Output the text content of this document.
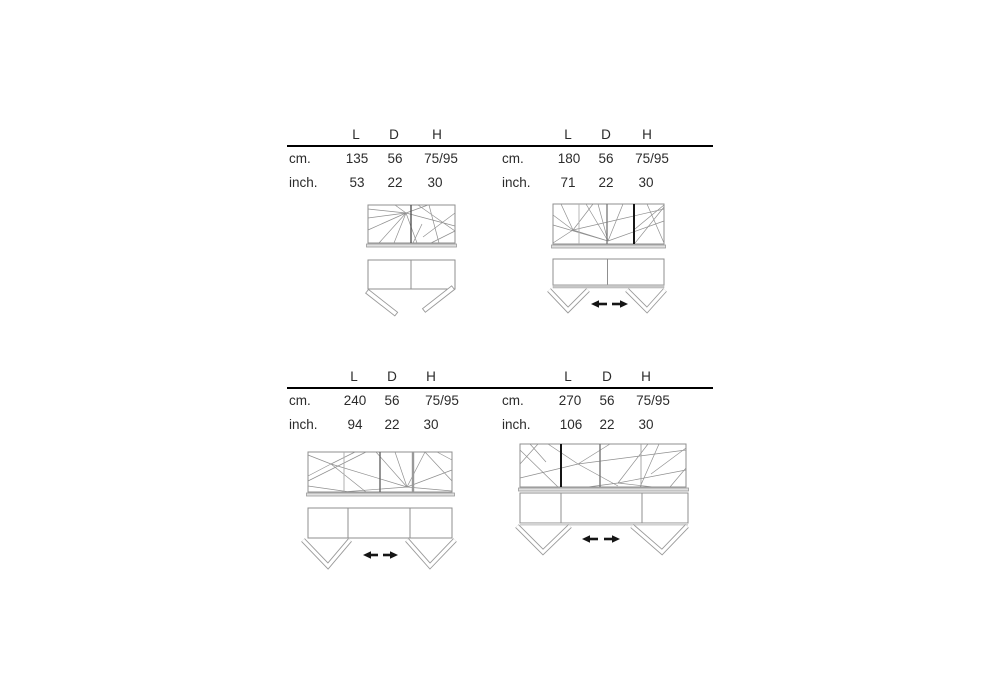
L D H
cm.	135 56 75/95
inch. 53 22 30
L D H
cm.	180 56 75/95
inch. 71 22 30
L D H
cm. 240 56 75/95
inch. 94 22 30
L D H
cm.	270 56 75/95
inch. 106 22 30
